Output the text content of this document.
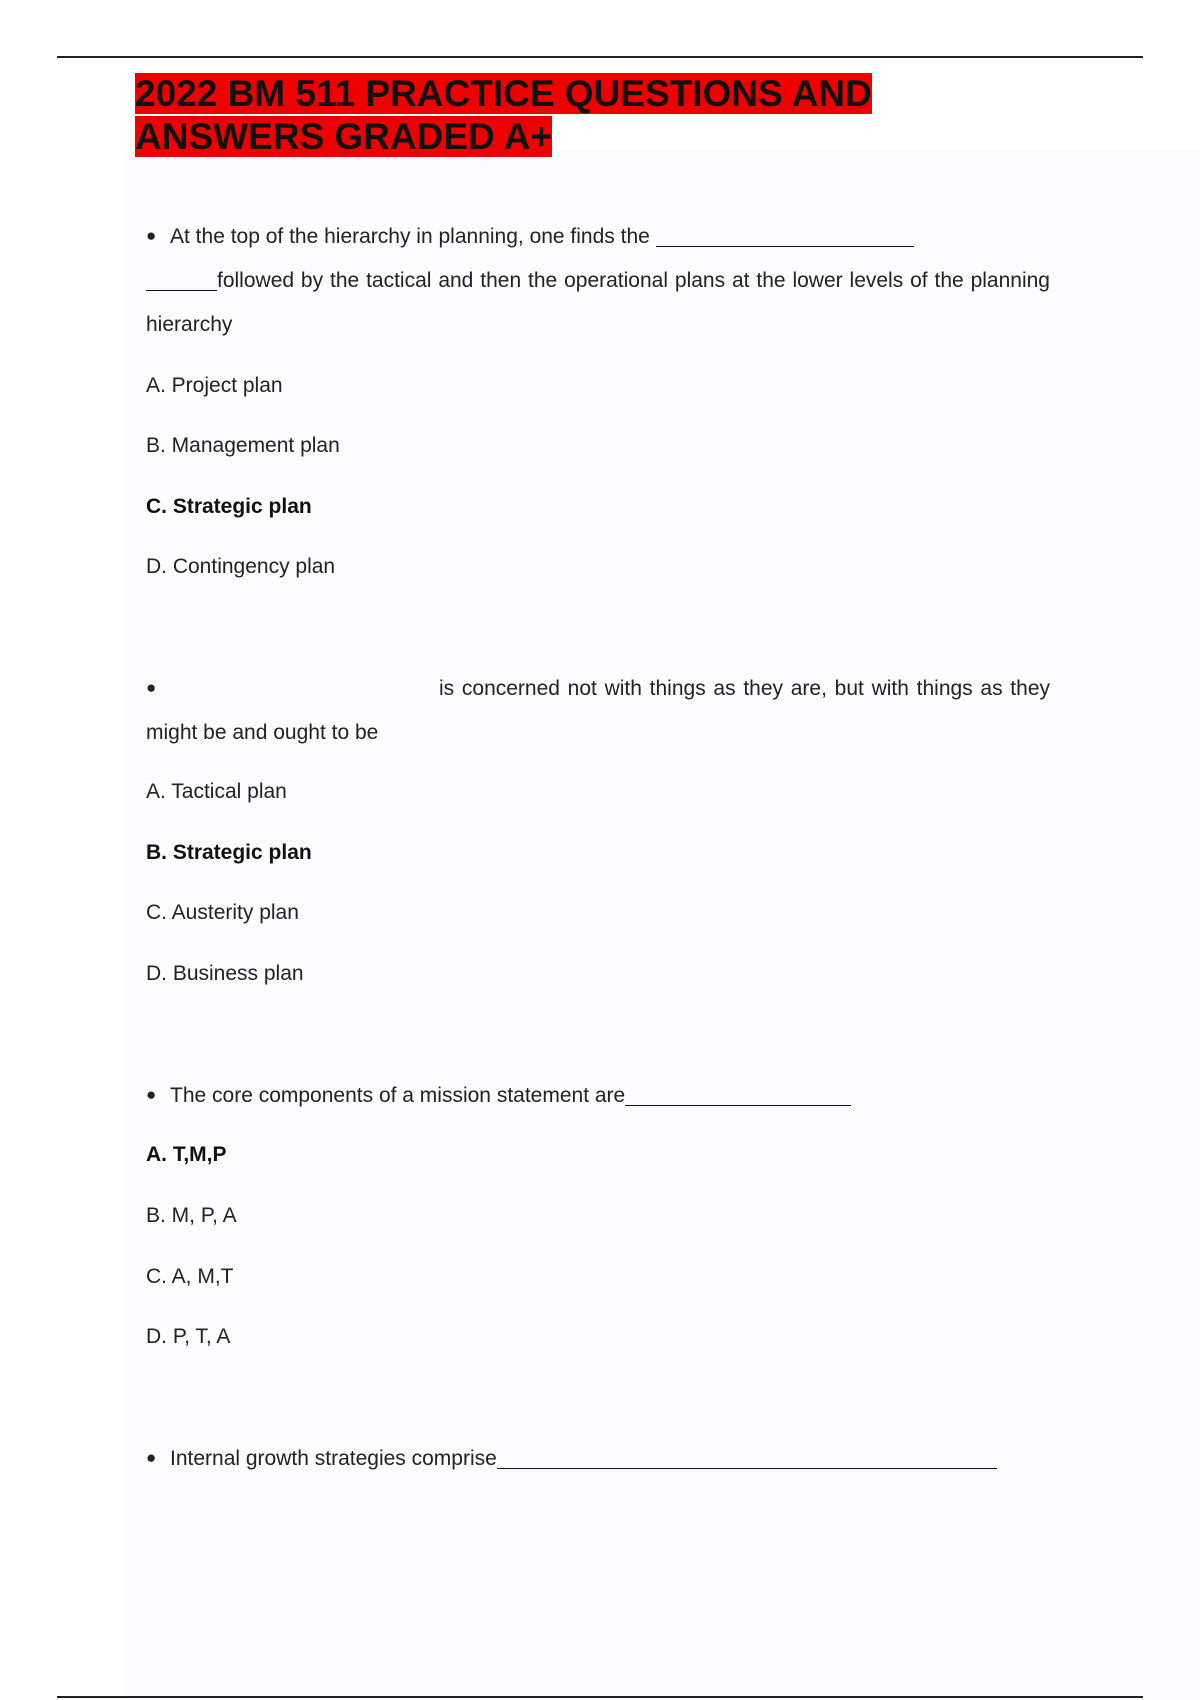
2022 BM 511 PRACTICE QUESTIONS AND ANSWERS GRADED A+

● At the top of the hierarchy in planning, one finds the
followed by the tactical and then the operational plans at the lower levels of the planning hierarchy

A. Project plan

B. Management plan

C. Strategic plan

D. Contingency plan

●	is concerned not with things as they are, but with things as they might be and ought to be

A. Tactical plan

B. Strategic plan

C. Austerity plan

D. Business plan

● The core components of a mission statement are

A. T,M,P

B. M, P, A

C. A, M,T

D. P, T, A

● Internal growth strategies comprise
